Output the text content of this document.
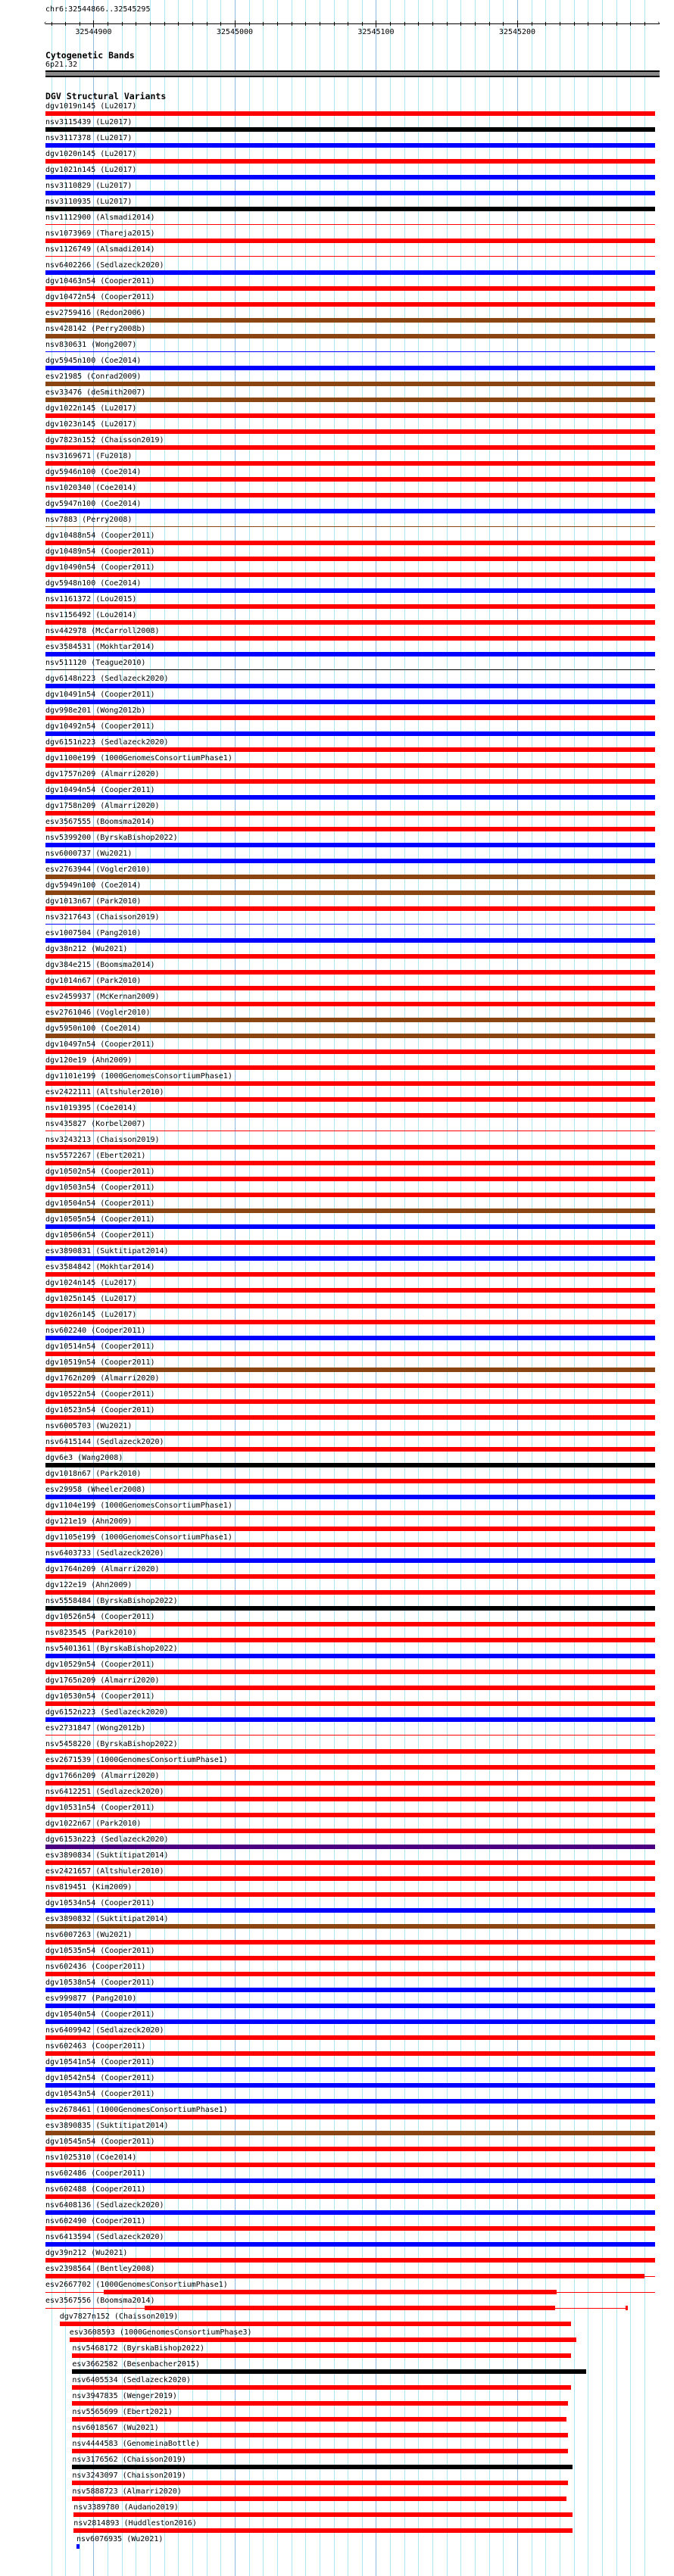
chr6:32544866..32545295
‹	›
32544900	32545000	32545100	32545200
Cytogenetic Bands
6p21.32
DGV Structural Variants
dgv1019n145 (Lu2017)
nsv3115439 (Lu2017)
nsv3117378 (Lu2017)
dgv1020n145 (Lu2017)
dgv1021n145 (Lu2017)
nsv3110829 (Lu2017)
nsv3110935 (Lu2017)
nsv1112900 (Alsmadi2014)
nsv1073969 (Thareja2015)
nsv1126749 (Alsmadi2014)
nsv6402266 (Sedlazeck2020)
dgv10463n54 (Cooper2011)
dgv10472n54 (Cooper2011)
esv2759416 (Redon2006)
nsv428142 (Perry2008b)
nsv830631 (Wong2007)
dgv5945n100 (Coe2014)
esv21985 (Conrad2009)
esv33476 (deSmith2007)
dgv1022n145 (Lu2017)
dgv1023n145 (Lu2017)
dgv7823n152 (Chaisson2019)
nsv3169671 (Fu2018)
dgv5946n100 (Coe2014)
nsv1020340 (Coe2014)
dgv5947n100 (Coe2014)
nsv7883 (Perry2008)
dgv10488n54 (Cooper2011)
dgv10489n54 (Cooper2011)
dgv10490n54 (Cooper2011)
dgv5948n100 (Coe2014)
nsv1161372 (Lou2015)
nsv1156492 (Lou2014)
nsv442978 (McCarroll2008)
esv3584531 (Mokhtar2014)
nsv511120 (Teague2010)
dgv6148n223 (Sedlazeck2020)
dgv10491n54 (Cooper2011)
dgv998e201 (Wong2012b)
dgv10492n54 (Cooper2011)
dgv6151n223 (Sedlazeck2020)
dgv1100e199 (1000GenomesConsortiumPhase1)
dgv1757n209 (Almarri2020)
dgv10494n54 (Cooper2011)
dgv1758n209 (Almarri2020)
esv3567555 (Boomsma2014)
nsv5399200 (ByrskaBishop2022)
nsv6000737 (Wu2021)
esv2763944 (Vogler2010)
dgv5949n100 (Coe2014)
dgv1013n67 (Park2010)
nsv3217643 (Chaisson2019)
esv1007504 (Pang2010)
dgv38n212 (Wu2021)
dgv384e215 (Boomsma2014)
dgv1014n67 (Park2010)
esv2459937 (McKernan2009)
esv2761046 (Vogler2010)
dgv5950n100 (Coe2014)
dgv10497n54 (Cooper2011)
dgv120e19 (Ahn2009)
dgv1101e199 (1000GenomesConsortiumPhase1)
esv2422111 (Altshuler2010)
nsv1019395 (Coe2014)
nsv435827 (Korbel2007)
nsv3243213 (Chaisson2019)
nsv5572267 (Ebert2021)
dgv10502n54 (Cooper2011)
dgv10503n54 (Cooper2011)
dgv10504n54 (Cooper2011)
dgv10505n54 (Cooper2011)
dgv10506n54 (Cooper2011)
esv3890831 (Suktitipat2014)
esv3584842 (Mokhtar2014)
dgv1024n145 (Lu2017)
dgv1025n145 (Lu2017)
dgv1026n145 (Lu2017)
nsv602240 (Cooper2011)
dgv10514n54 (Cooper2011)
dgv10519n54 (Cooper2011)
dgv1762n209 (Almarri2020)
dgv10522n54 (Cooper2011)
dgv10523n54 (Cooper2011)
nsv6005703 (Wu2021)
nsv6415144 (Sedlazeck2020)
dgv6e3 (Wang2008)
dgv1018n67 (Park2010)
esv29958 (Wheeler2008)
dgv1104e199 (1000GenomesConsortiumPhase1)
dgv121e19 (Ahn2009)
dgv1105e199 (1000GenomesConsortiumPhase1)
nsv6403733 (Sedlazeck2020)
dgv1764n209 (Almarri2020)
dgv122e19 (Ahn2009)
nsv5558484 (ByrskaBishop2022)
dgv10526n54 (Cooper2011)
nsv823545 (Park2010)
nsv5401361 (ByrskaBishop2022)
dgv10529n54 (Cooper2011)
dgv1765n209 (Almarri2020)
dgv10530n54 (Cooper2011)
dgv6152n223 (Sedlazeck2020)
esv2731847 (Wong2012b)
nsv5458220 (ByrskaBishop2022)
esv2671539 (1000GenomesConsortiumPhase1)
dgv1766n209 (Almarri2020)
nsv6412251 (Sedlazeck2020)
dgv10531n54 (Cooper2011)
dgv1022n67 (Park2010)
dgv6153n223 (Sedlazeck2020)
esv3890834 (Suktitipat2014)
esv2421657 (Altshuler2010)
nsv819451 (Kim2009)
dgv10534n54 (Cooper2011)
esv3890832 (Suktitipat2014)
nsv6007263 (Wu2021)
dgv10535n54 (Cooper2011)
nsv602436 (Cooper2011)
dgv10538n54 (Cooper2011)
esv999877 (Pang2010)
dgv10540n54 (Cooper2011)
nsv6409942 (Sedlazeck2020)
nsv602463 (Cooper2011)
dgv10541n54 (Cooper2011)
dgv10542n54 (Cooper2011)
dgv10543n54 (Cooper2011)
esv2678461 (1000GenomesConsortiumPhase1)
esv3890835 (Suktitipat2014)
dgv10545n54 (Cooper2011)
nsv1025310 (Coe2014)
nsv602486 (Cooper2011)
nsv602488 (Cooper2011)
nsv6408136 (Sedlazeck2020)
nsv602490 (Cooper2011)
nsv6413594 (Sedlazeck2020)
dgv39n212 (Wu2021)
esv2398564 (Bentley2008)
esv2667702 (1000GenomesConsortiumPhase1)
esv3567556 (Boomsma2014)
dgv7827n152 (Chaisson2019)
esv3608593 (1000GenomesConsortiumPhase3)
nsv5468172 (ByrskaBishop2022)
esv3662582 (Besenbacher2015)
nsv6405534 (Sedlazeck2020)
nsv3947835 (Wenger2019)
nsv5565699 (Ebert2021)
nsv6018567 (Wu2021)
nsv4444583 (GenomeinaBottle)
nsv3176562 (Chaisson2019)
nsv3243097 (Chaisson2019)
nsv5888723 (Almarri2020)
nsv3389780 (Audano2019)
nsv2814893 (Huddleston2016)
nsv6076935 (Wu2021)
